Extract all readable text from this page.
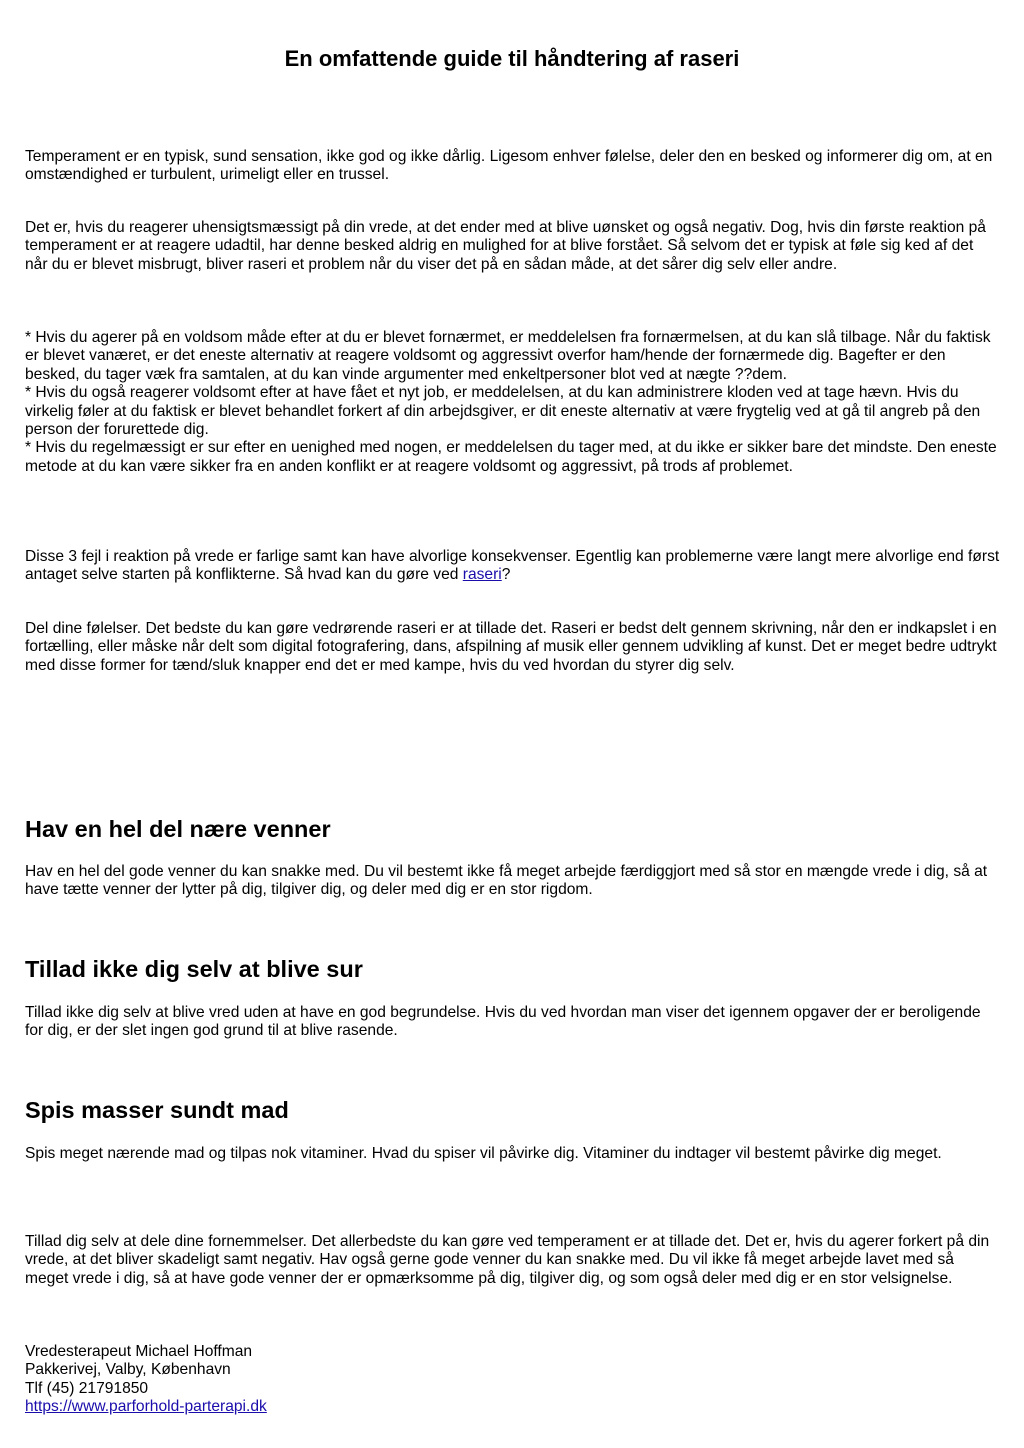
En omfattende guide til håndtering af raseri

Temperament er en typisk, sund sensation, ikke god og ikke dårlig. Ligesom enhver følelse, deler den en besked og informerer dig om, at en omstændighed er turbulent, urimeligt eller en trussel.

Det er, hvis du reagerer uhensigtsmæssigt på din vrede, at det ender med at blive uønsket og også negativ. Dog, hvis din første reaktion på temperament er at reagere udadtil, har denne besked aldrig en mulighed for at blive forstået. Så selvom det er typisk at føle sig ked af det når du er blevet misbrugt, bliver raseri et problem når du viser det på en sådan måde, at det sårer dig selv eller andre.

* Hvis du agerer på en voldsom måde efter at du er blevet fornærmet, er meddelelsen fra fornærmelsen, at du kan slå tilbage. Når du faktisk er blevet vanæret, er det eneste alternativ at reagere voldsomt og aggressivt overfor ham/hende der fornærmede dig. Bagefter er den besked, du tager væk fra samtalen, at du kan vinde argumenter med enkeltpersoner blot ved at nægte ??dem.
* Hvis du også reagerer voldsomt efter at have fået et nyt job, er meddelelsen, at du kan administrere kloden ved at tage hævn. Hvis du virkelig føler at du faktisk er blevet behandlet forkert af din arbejdsgiver, er dit eneste alternativ at være frygtelig ved at gå til angreb på den person der forurettede dig.
* Hvis du regelmæssigt er sur efter en uenighed med nogen, er meddelelsen du tager med, at du ikke er sikker bare det mindste. Den eneste metode at du kan være sikker fra en anden konflikt er at reagere voldsomt og aggressivt, på trods af problemet.

Disse 3 fejl i reaktion på vrede er farlige samt kan have alvorlige konsekvenser. Egentlig kan problemerne være langt mere alvorlige end først antaget selve starten på konflikterne. Så hvad kan du gøre ved raseri?

Del dine følelser. Det bedste du kan gøre vedrørende raseri er at tillade det. Raseri er bedst delt gennem skrivning, når den er indkapslet i en fortælling, eller måske når delt som digital fotografering, dans, afspilning af musik eller gennem udvikling af kunst. Det er meget bedre udtrykt med disse former for tænd/sluk knapper end det er med kampe, hvis du ved hvordan du styrer dig selv.

Hav en hel del nære venner

Hav en hel del gode venner du kan snakke med. Du vil bestemt ikke få meget arbejde færdiggjort med så stor en mængde vrede i dig, så at have tætte venner der lytter på dig, tilgiver dig, og deler med dig er en stor rigdom.

Tillad ikke dig selv at blive sur

Tillad ikke dig selv at blive vred uden at have en god begrundelse. Hvis du ved hvordan man viser det igennem opgaver der er beroligende for dig, er der slet ingen god grund til at blive rasende.

Spis masser sundt mad

Spis meget nærende mad og tilpas nok vitaminer. Hvad du spiser vil påvirke dig. Vitaminer du indtager vil bestemt påvirke dig meget.

Tillad dig selv at dele dine fornemmelser. Det allerbedste du kan gøre ved temperament er at tillade det. Det er, hvis du agerer forkert på din vrede, at det bliver skadeligt samt negativ. Hav også gerne gode venner du kan snakke med. Du vil ikke få meget arbejde lavet med så meget vrede i dig, så at have gode venner der er opmærksomme på dig, tilgiver dig, og som også deler med dig er en stor velsignelse.

Vredesterapeut Michael Hoffman
Pakkerivej, Valby, København
Tlf (45) 21791850
https://www.parforhold-parterapi.dk
